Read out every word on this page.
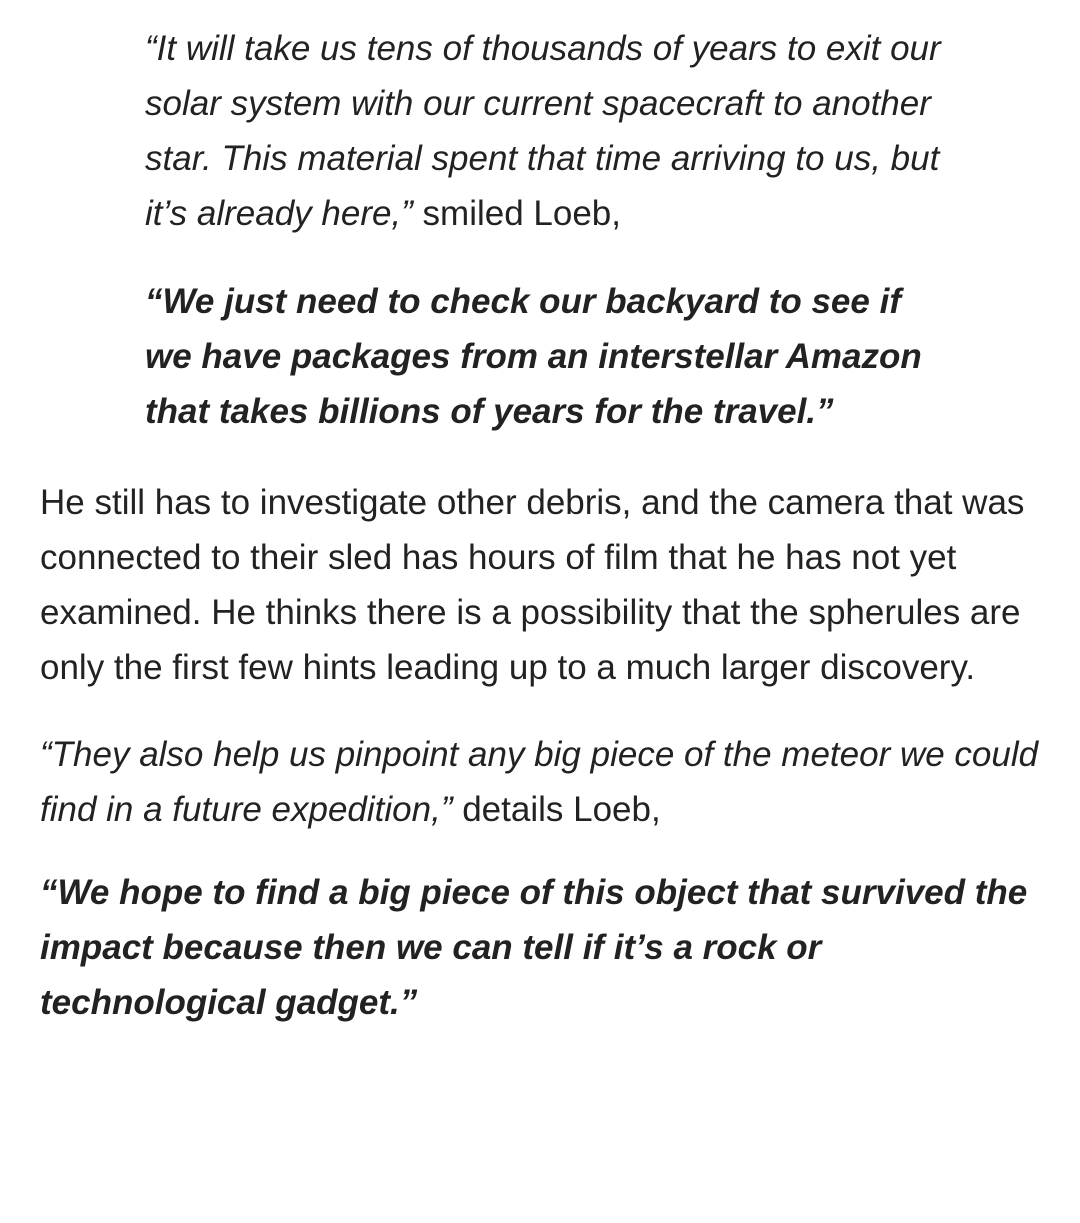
“It will take us tens of thousands of years to exit our solar system with our current spacecraft to another star. This material spent that time arriving to us, but it’s already here,” smiled Loeb,

“We just need to check our backyard to see if we have packages from an interstellar Amazon that takes billions of years for the travel.”

He still has to investigate other debris, and the camera that was connected to their sled has hours of film that he has not yet examined. He thinks there is a possibility that the spherules are only the first few hints leading up to a much larger discovery.

“They also help us pinpoint any big piece of the meteor we could find in a future expedition,” details Loeb,

“We hope to find a big piece of this object that survived the impact because then we can tell if it’s a rock or technological gadget.”
